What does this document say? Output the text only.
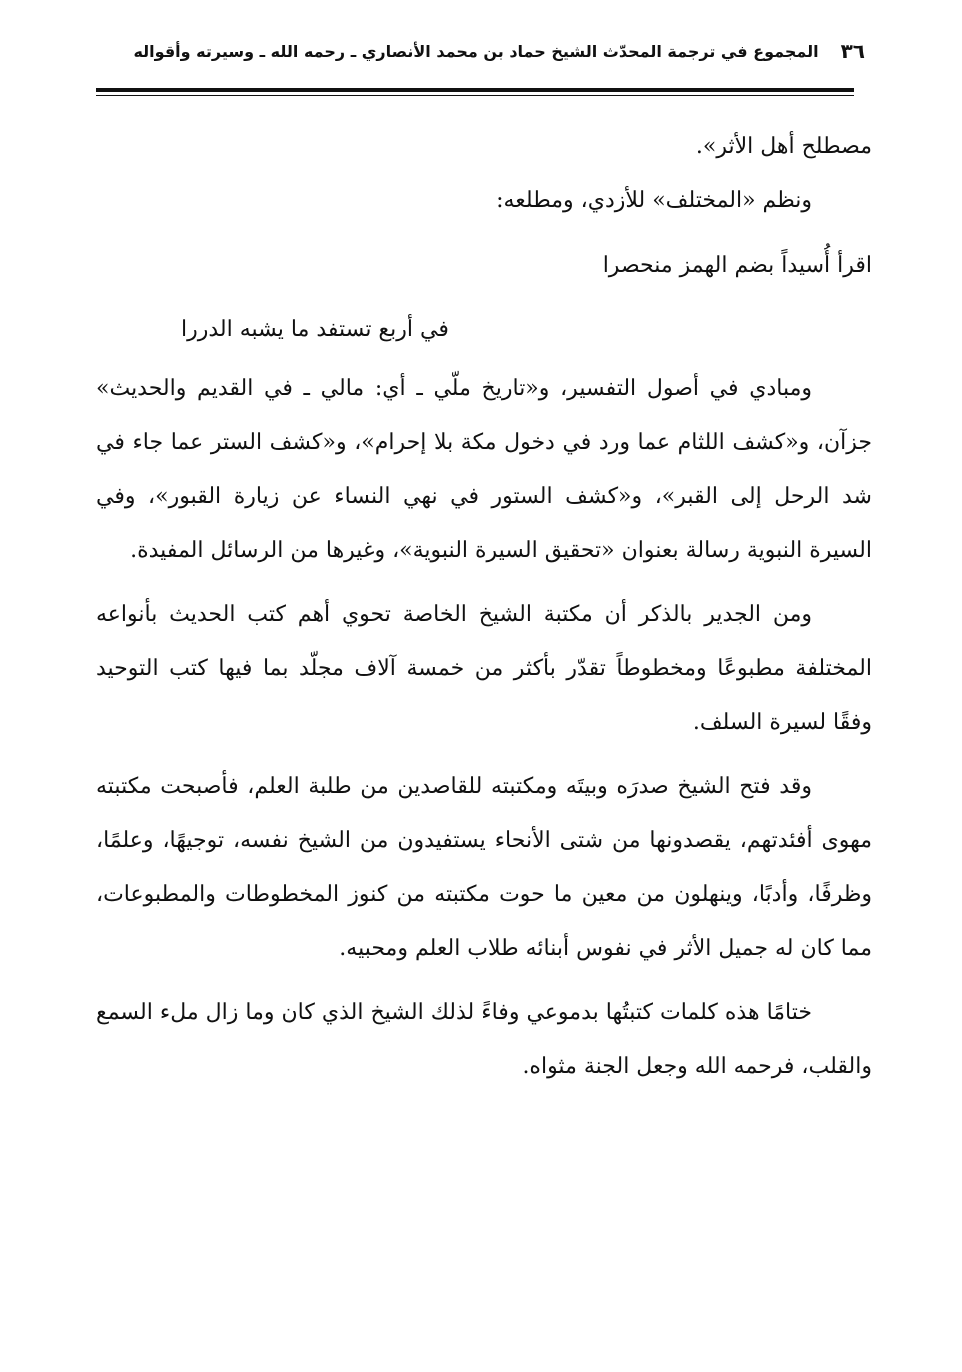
٣٦
المجموع في ترجمة المحدّث الشيخ حماد بن محمد الأنصاري ـ رحمه الله ـ وسيرته وأقواله

مصطلح أهل الأثر».

ونظم «المختلف» للأزدي، ومطلعه:

اقرأ أُسيداً بضم الهمز منحصرا
في أربع تستفد ما يشبه الدررا

ومبادي في أصول التفسير، و«تاريخ ملّي ـ أي: مالي ـ في القديم والحديث» جزآن، و«كشف اللثام عما ورد في دخول مكة بلا إحرام»، و«كشف الستر عما جاء في شد الرحل إلى القبر»، و«كشف الستور في نهي النساء عن زيارة القبور»، وفي السيرة النبوية رسالة بعنوان «تحقيق السيرة النبوية»، وغيرها من الرسائل المفيدة.

ومن الجدير بالذكر أن مكتبة الشيخ الخاصة تحوي أهم كتب الحديث بأنواعه المختلفة مطبوعًا ومخطوطاً تقدّر بأكثر من خمسة آلاف مجلّد بما فيها كتب التوحيد وفقًا لسيرة السلف.

وقد فتح الشيخ صدرَه وبيتَه ومكتبته للقاصدين من طلبة العلم، فأصبحت مكتبته مهوى أفئدتهم، يقصدونها من شتى الأنحاء يستفيدون من الشيخ نفسه، توجيهًا، وعلمًا، وظرفًا، وأدبًا، وينهلون من معين ما حوت مكتبته من كنوز المخطوطات والمطبوعات، مما كان له جميل الأثر في نفوس أبنائه طلاب العلم ومحبيه.

ختامًا هذه كلمات كتبتُها بدموعي وفاءً لذلك الشيخ الذي كان وما زال ملء السمع والقلب، فرحمه الله وجعل الجنة مثواه.
